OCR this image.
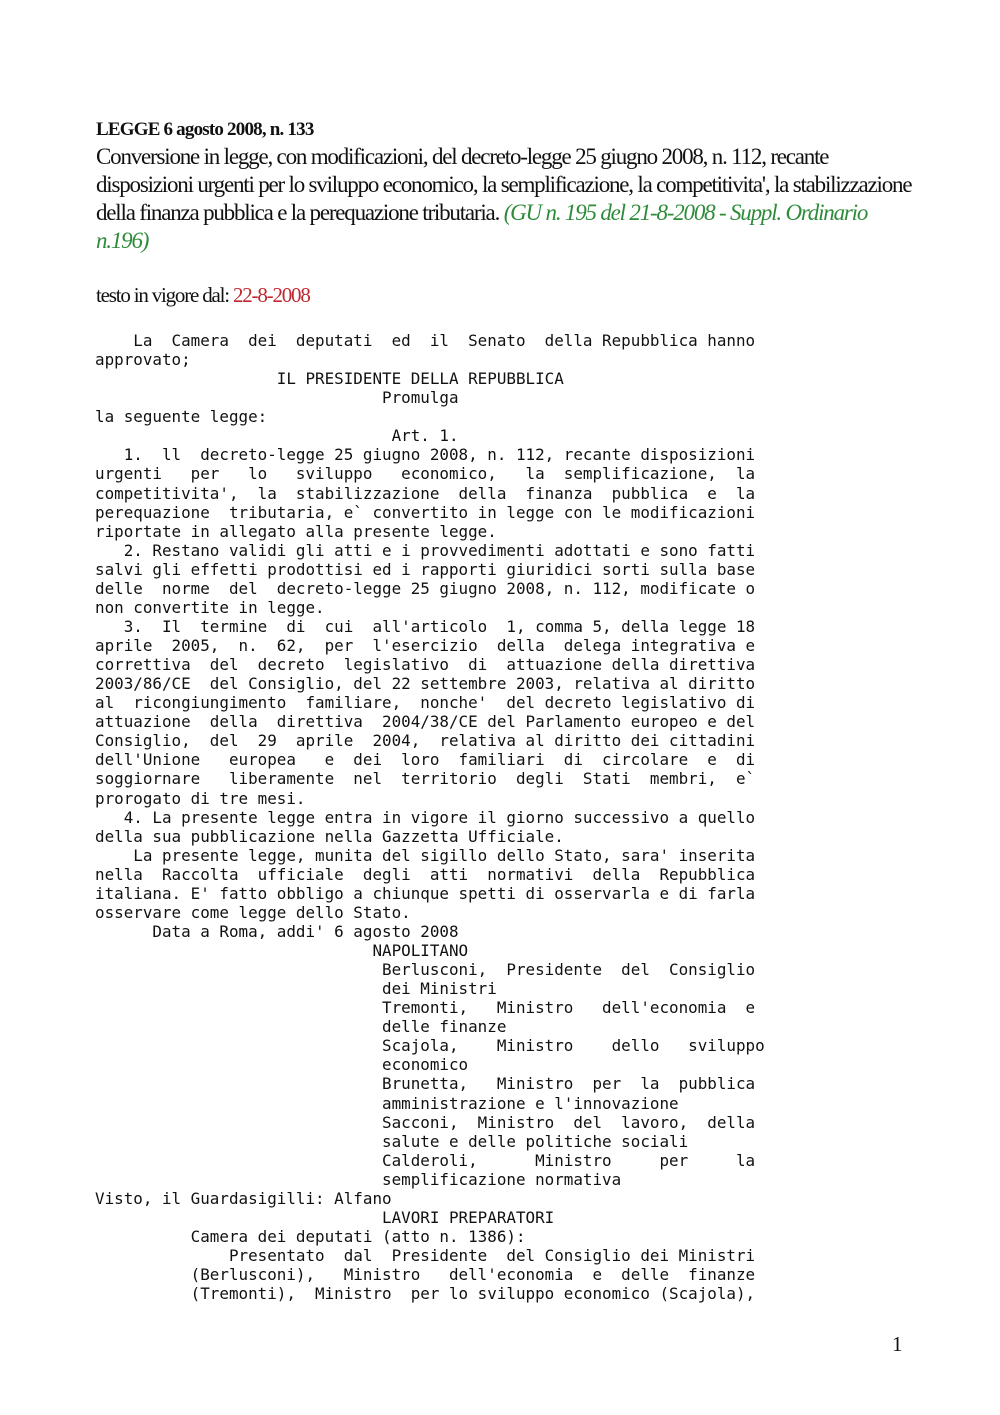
LEGGE 6 agosto 2008, n. 133

Conversione in legge, con modificazioni, del decreto-legge 25 giugno 2008, n. 112, recante disposizioni urgenti per lo sviluppo economico, la semplificazione, la competitivita', la stabilizzazione della finanza pubblica e la perequazione tributaria. (GU n. 195 del 21-8-2008 - Suppl. Ordinario n.196)

testo in vigore dal: 22-8-2008
La  Camera  dei  deputati  ed  il  Senato  della Repubblica hanno
approvato;
IL PRESIDENTE DELLA REPUBBLICA
Promulga
la seguente legge:
Art. 1.
1.  ll  decreto-legge 25 giugno 2008, n. 112, recante disposizioni
urgenti   per   lo   sviluppo   economico,   la  semplificazione,  la
competitivita',  la  stabilizzazione  della  finanza  pubblica  e  la
perequazione  tributaria, e` convertito in legge con le modificazioni
riportate in allegato alla presente legge.
2. Restano validi gli atti e i provvedimenti adottati e sono fatti
salvi gli effetti prodottisi ed i rapporti giuridici sorti sulla base
delle  norme  del  decreto-legge 25 giugno 2008, n. 112, modificate o
non convertite in legge.
3.  Il  termine  di  cui  all'articolo  1, comma 5, della legge 18
aprile  2005,  n.  62,  per  l'esercizio  della  delega integrativa e
correttiva  del  decreto  legislativo  di  attuazione della direttiva
2003/86/CE  del Consiglio, del 22 settembre 2003, relativa al diritto
al  ricongiungimento  familiare,  nonche'  del decreto legislativo di
attuazione  della  direttiva  2004/38/CE del Parlamento europeo e del
Consiglio,  del  29  aprile  2004,  relativa al diritto dei cittadini
dell'Unione   europea   e  dei  loro  familiari  di  circolare  e  di
soggiornare   liberamente  nel  territorio  degli  Stati  membri,  e`
prorogato di tre mesi.
4. La presente legge entra in vigore il giorno successivo a quello
della sua pubblicazione nella Gazzetta Ufficiale.
La presente legge, munita del sigillo dello Stato, sara' inserita
nella  Raccolta  ufficiale  degli  atti  normativi  della  Repubblica
italiana. E' fatto obbligo a chiunque spetti di osservarla e di farla
osservare come legge dello Stato.
Data a Roma, addi' 6 agosto 2008
NAPOLITANO
Berlusconi,  Presidente  del  Consiglio
dei Ministri
Tremonti,   Ministro   dell'economia  e
delle finanze
Scajola,    Ministro    dello   sviluppo
economico
Brunetta,   Ministro  per  la  pubblica
amministrazione e l'innovazione
Sacconi,  Ministro  del  lavoro,  della
salute e delle politiche sociali
Calderoli,      Ministro     per     la
semplificazione normativa
Visto, il Guardasigilli: Alfano
LAVORI PREPARATORI
Camera dei deputati (atto n. 1386):
Presentato  dal  Presidente  del Consiglio dei Ministri
(Berlusconi),   Ministro   dell'economia  e  delle  finanze
(Tremonti),  Ministro  per lo sviluppo economico (Scajola),
1
